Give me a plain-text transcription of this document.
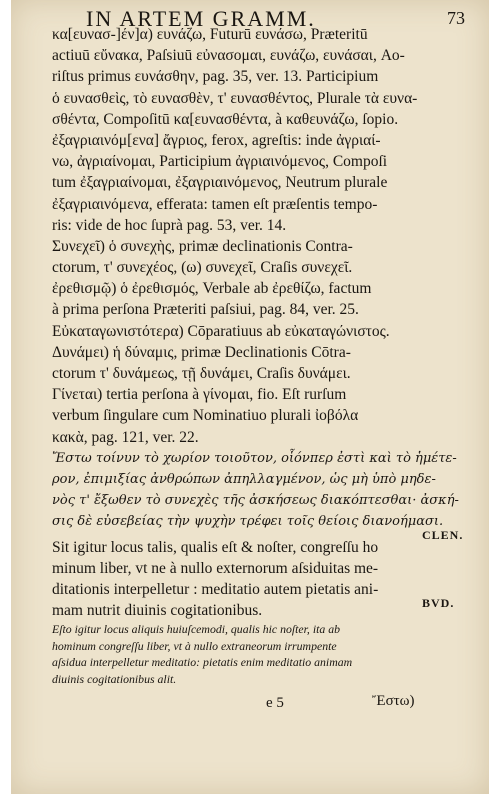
IN ARTEM GRAMM.	73
κα[ευνασ-]έν]α) ευνάζω, Futurū ευνάσω, Præteritū
actiuū εὔνακα, Paſsiuū εὐνασομαι, ευνάζω, ευνάσαι, Ao-
riſtus primus ευνάσθην, pag. 35, ver. 13. Participium
ὁ ευνασθεὶς, τὸ ευνασθὲν, τ' ευνασθέντος, Plurale τὰ ευνα-
σθέντα, Compoſitū κα[ευνασθέντα, à καθευνάζω, ſopio.
ἐξαγριαινόμ[ενα] ἄγριος, ferox, agreſtis: inde ἀγριαί-
νω, ἀγριαίνομαι, Participium ἀγριαινόμενος, Compoſi
tum ἐξαγριαίνομαι, ἐξαγριαινόμενος, Neutrum plurale
ἐξαγριαινόμενα, efferata: tamen eſt præſentis tempo-
ris: vide de hoc ſuprà pag. 53, ver. 14.
Συνεχεῖ) ὁ συνεχὴς, primæ declinationis Contra-
ctorum, τ' συνεχέος, (ω) συνεχεῖ, Craſis συνεχεῖ.
ἐρεθισμῷ) ὁ ἐρεθισμός, Verbale ab ἐρεθίζω, factum
à prima perſona Præteriti paſsiui, pag. 84, ver. 25.
Εὐκαταγωνιστότερα) Cōparatiuus ab εὐκαταγώνιστος.
Δυνάμει) ἡ δύναμις, primæ Declinationis Cōtra-
ctorum τ' δυνάμεως, τῇ δυνάμει, Craſis δυνάμει.
Γίνεται) tertia perſona à γίνομαι, fio. Eſt rurſum
verbum ſingulare cum Nominatiuo plurali ἰοβόλα
κακὰ, pag. 121, ver. 22.
Ἔστω τοίνυν τὸ χωρίον τοιοῦτον, οἷόνπερ ἐστὶ καὶ τὸ ἡμέτε-
ρον, ἐπιμιξίας ἀνθρώπων ἀπηλλαγμένον, ὡς μὴ ὑπὸ μηδε-
νὸς τ' ἔξωθεν τὸ συνεχὲς τῆς ἀσκήσεως διακόπτεσθαι· ἀσκή-
σις δὲ εὐσεβείας τὴν ψυχὴν τρέφει τοῖς θείοις διανοήμασι.
Sit igitur locus talis, qualis eſt & noſter, congreſſu ho
minum liber, vt ne à nullo externorum aſsiduitas me-
ditationis interpelletur : meditatio autem pietatis ani-
mam nutrit diuinis cogitationibus.
Eſto igitur locus aliquis huiuſcemodi, qualis hic noſter, ita ab
hominum congreſſu liber, vt à nullo extraneorum irrumpente
aſsidua interpelletur meditatio: pietatis enim meditatio animam
diuinis cogitationibus alit.
e 5	Ἔστω)
CLEN.
BVD.
